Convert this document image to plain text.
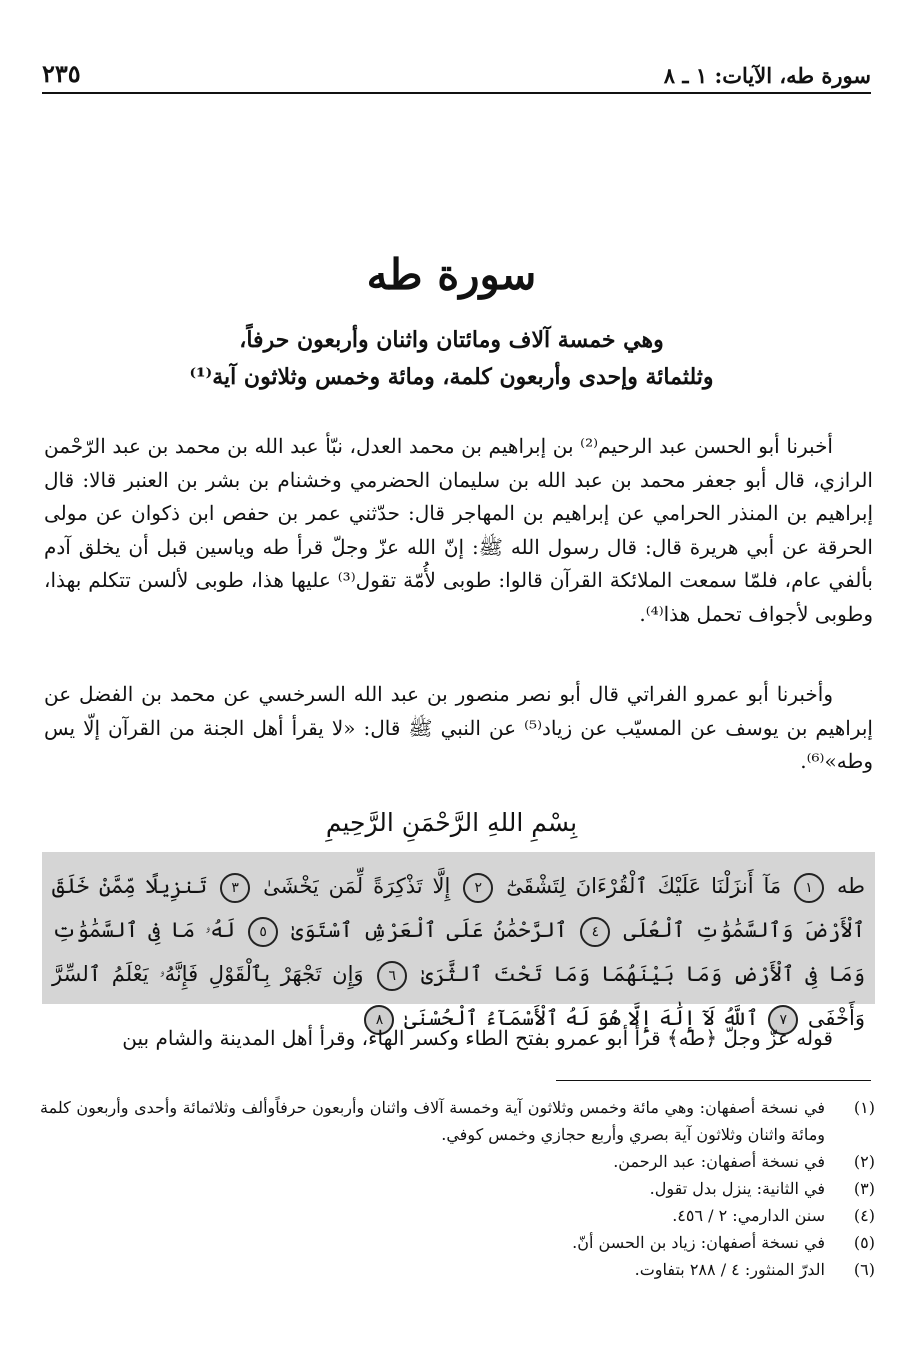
٢٣٥	سورة طه، الآيات: ١ ـ ٨
سورة طه
وهي خمسة آلاف ومائتان واثنان وأربعون حرفاً،
وثلثمائة وإحدى وأربعون كلمة، ومائة وخمس وثلاثون آية⁽¹⁾
أخبرنا أبو الحسن عبد الرحيم⁽²⁾ بن إبراهيم بن محمد العدل، نبّأ عبد الله بن محمد بن عبد الرّحْمن الرازي، قال أبو جعفر محمد بن عبد الله بن سليمان الحضرمي وخشنام بن بشر بن العنبر قالا: قال إبراهيم بن المنذر الحرامي عن إبراهيم بن المهاجر قال: حدّثني عمر بن حفص ابن ذكوان عن مولى الحرقة عن أبي هريرة قال: قال رسول الله ﷺ: إنّ الله عزّ وجلّ قرأ طه وياسين قبل أن يخلق آدم بألفي عام، فلمّا سمعت الملائكة القرآن قالوا: طوبى لأُمّة تقول⁽³⁾ عليها هذا، طوبى لألسن تتكلم بهذا، وطوبى لأجواف تحمل هذا⁽⁴⁾.
وأخبرنا أبو عمرو الفراتي قال أبو نصر منصور بن عبد الله السرخسي عن محمد بن الفضل عن إبراهيم بن يوسف عن المسيّب عن زياد⁽⁵⁾ عن النبي ﷺ قال: «لا يقرأ أهل الجنة من القرآن إلّا يس وطه»⁽⁶⁾.
بِسْمِ اللهِ الرَّحْمَنِ الرَّحِيمِ
طه ١ مَآ أَنزَلْنَا عَلَيْكَ ٱلْقُرْءَانَ لِتَشْقَىٰٓ ٢ إِلَّا تَذْكِرَةً لِّمَن يَخْشَىٰ ٣ تَنزِيلًا مِّمَّنْ خَلَقَ ٱلْأَرْضَ وَٱلسَّمَٰوَٰتِ ٱلْعُلَى ٤ ٱلرَّحْمَٰنُ عَلَى ٱلْعَرْشِ ٱسْتَوَىٰ ٥ لَهُۥ مَا فِى ٱلسَّمَٰوَٰتِ وَمَا فِى ٱلْأَرْضِ وَمَا بَيْنَهُمَا وَمَا تَحْتَ ٱلثَّرَىٰ ٦ وَإِن تَجْهَرْ بِٱلْقَوْلِ فَإِنَّهُۥ يَعْلَمُ ٱلسِّرَّ وَأَخْفَى ٧ ٱللَّهُ لَآ إِلَٰهَ إِلَّا هُوَ لَهُ ٱلْأَسْمَآءُ ٱلْحُسْنَىٰ ٨
قوله عزّ وجلّ ﴿طه﴾ قرأ أبو عمرو بفتح الطاء وكسر الهاء، وقرأ أهل المدينة والشام بين
(١)
في نسخة أصفهان: وهي مائة وخمس وثلاثون آية وخمسة آلاف واثنان وأربعون حرفاًوألف وثلاثمائة وأحدى وأربعون كلمة ومائة واثنان وثلاثون آية بصري وأربع حجازي وخمس كوفي.
(٢)
في نسخة أصفهان: عبد الرحمن.
(٣)
في الثانية: ينزل بدل تقول.
(٤)
سنن الدارمي: ٢ / ٤٥٦.
(٥)
في نسخة أصفهان: زياد بن الحسن أنّ.
(٦)
الدرّ المنثور: ٤ / ٢٨٨ بتفاوت.
